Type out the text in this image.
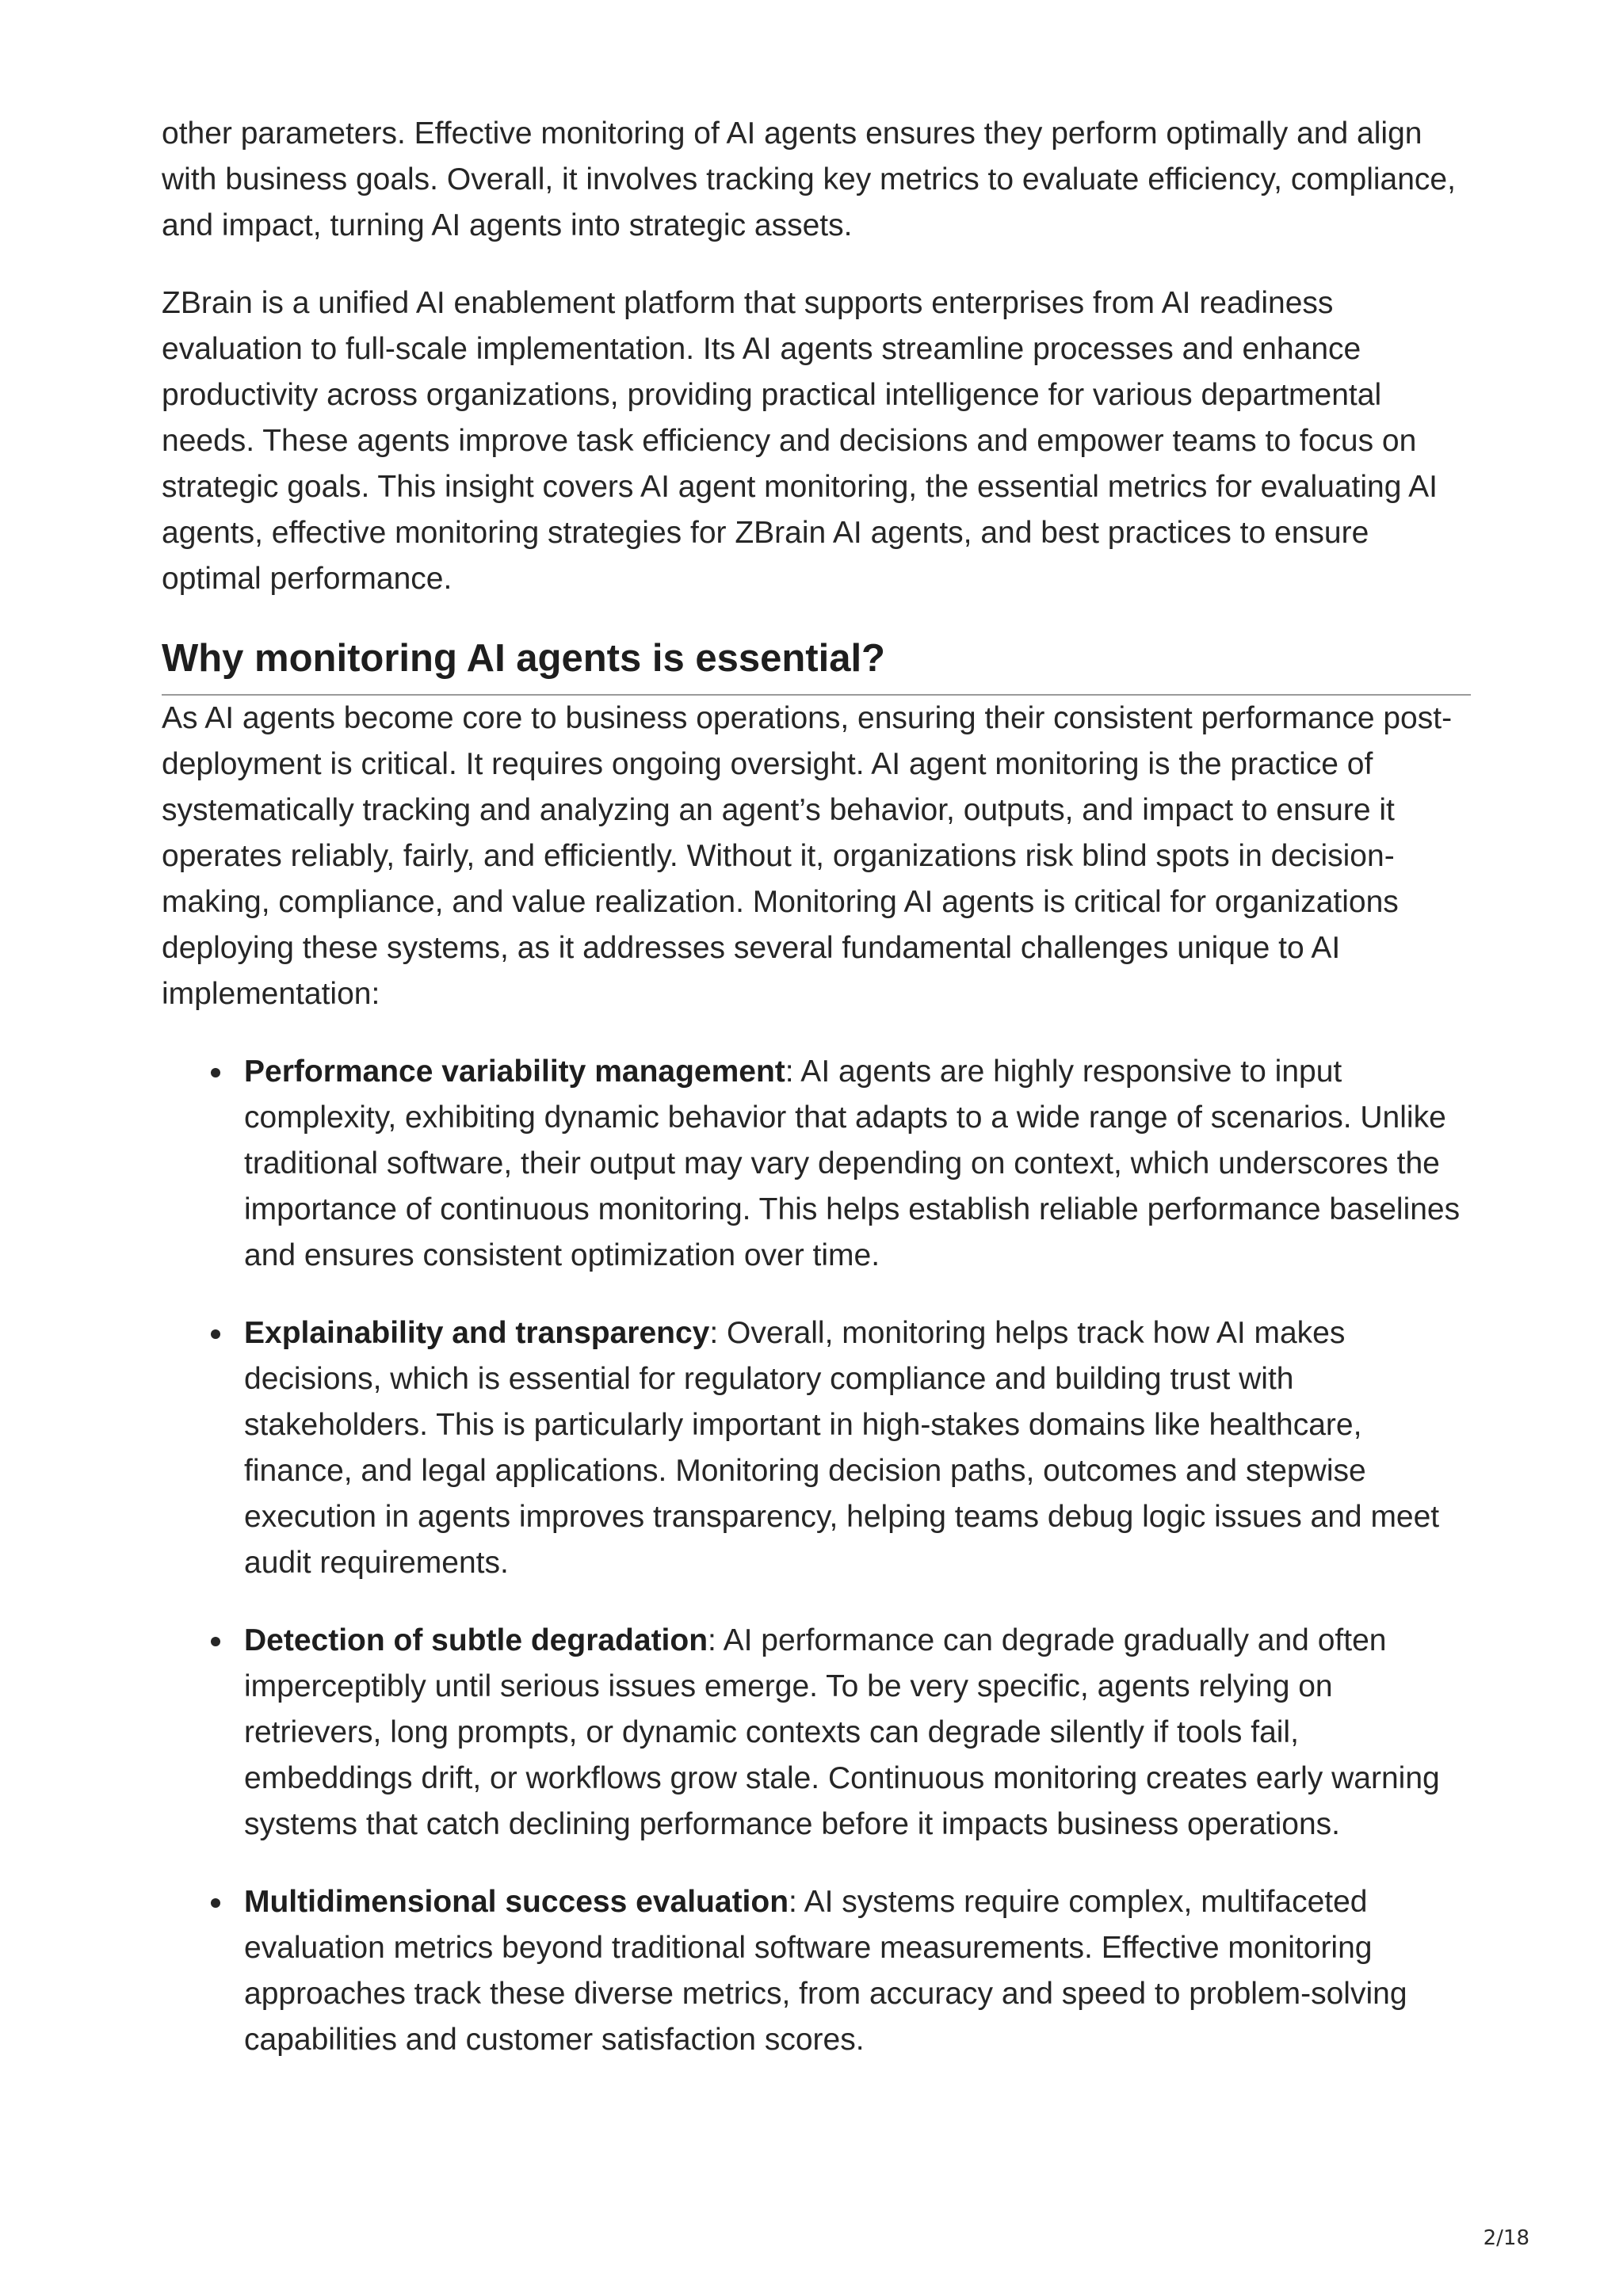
other parameters. Effective monitoring of AI agents ensures they perform optimally and align with business goals. Overall, it involves tracking key metrics to evaluate efficiency, compliance, and impact, turning AI agents into strategic assets.

ZBrain is a unified AI enablement platform that supports enterprises from AI readiness evaluation to full-scale implementation. Its AI agents streamline processes and enhance productivity across organizations, providing practical intelligence for various departmental needs. These agents improve task efficiency and decisions and empower teams to focus on strategic goals. This insight covers AI agent monitoring, the essential metrics for evaluating AI agents, effective monitoring strategies for ZBrain AI agents, and best practices to ensure optimal performance.

Why monitoring AI agents is essential?

As AI agents become core to business operations, ensuring their consistent performance post-deployment is critical. It requires ongoing oversight. AI agent monitoring is the practice of systematically tracking and analyzing an agent’s behavior, outputs, and impact to ensure it operates reliably, fairly, and efficiently. Without it, organizations risk blind spots in decision-making, compliance, and value realization. Monitoring AI agents is critical for organizations deploying these systems, as it addresses several fundamental challenges unique to AI implementation:

Performance variability management: AI agents are highly responsive to input complexity, exhibiting dynamic behavior that adapts to a wide range of scenarios. Unlike traditional software, their output may vary depending on context, which underscores the importance of continuous monitoring. This helps establish reliable performance baselines and ensures consistent optimization over time.
Explainability and transparency: Overall, monitoring helps track how AI makes decisions, which is essential for regulatory compliance and building trust with stakeholders. This is particularly important in high-stakes domains like healthcare, finance, and legal applications. Monitoring decision paths, outcomes and stepwise execution in agents improves transparency, helping teams debug logic issues and meet audit requirements.
Detection of subtle degradation: AI performance can degrade gradually and often imperceptibly until serious issues emerge. To be very specific, agents relying on retrievers, long prompts, or dynamic contexts can degrade silently if tools fail, embeddings drift, or workflows grow stale. Continuous monitoring creates early warning systems that catch declining performance before it impacts business operations.
Multidimensional success evaluation: AI systems require complex, multifaceted evaluation metrics beyond traditional software measurements. Effective monitoring approaches track these diverse metrics, from accuracy and speed to problem-solving capabilities and customer satisfaction scores.
2/18
